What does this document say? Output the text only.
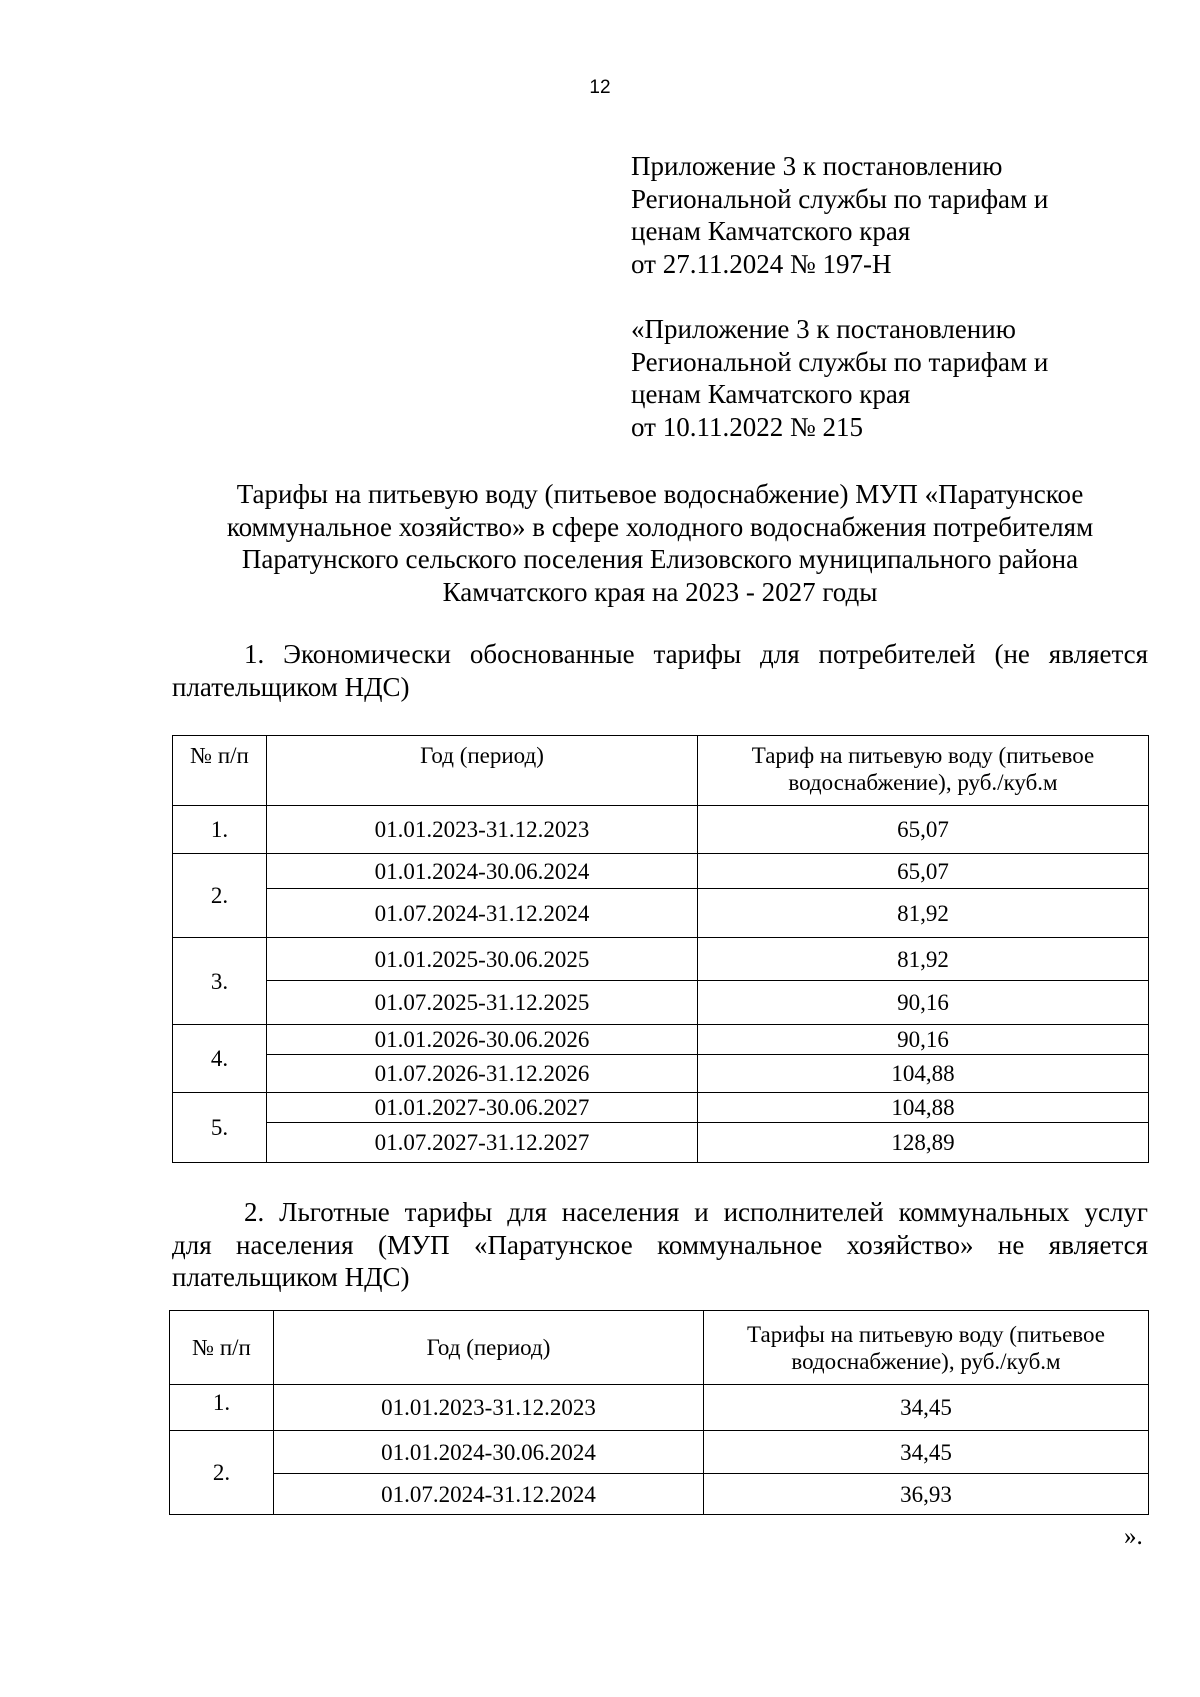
12
Приложение 3 к постановлению
Региональной службы по тарифам и
ценам Камчатского края
от 27.11.2024 № 197-Н
«Приложение 3 к постановлению
Региональной службы по тарифам и
ценам Камчатского края
от 10.11.2022 № 215
Тарифы на питьевую воду (питьевое водоснабжение) МУП «Паратунское
коммунальное хозяйство» в сфере холодного водоснабжения потребителям
Паратунского сельского поселения Елизовского муниципального района
Камчатского края на 2023 - 2027 годы
1. Экономически обоснованные тарифы для потребителей (не является
плательщиком НДС)
№ п/п	Год (период)	Тариф на питьевую воду (питьевое водоснабжение), руб./куб.м
1.	01.01.2023-31.12.2023	65,07
2.	01.01.2024-30.06.2024	65,07
	01.07.2024-31.12.2024	81,92
3.	01.01.2025-30.06.2025	81,92
	01.07.2025-31.12.2025	90,16
4.	01.01.2026-30.06.2026	90,16
	01.07.2026-31.12.2026	104,88
5.	01.01.2027-30.06.2027	104,88
	01.07.2027-31.12.2027	128,89
2. Льготные тарифы для населения и исполнителей коммунальных услуг
для населения (МУП «Паратунское коммунальное хозяйство» не является
плательщиком НДС)
№ п/п	Год (период)	Тарифы на питьевую воду (питьевое водоснабжение), руб./куб.м
1.	01.01.2023-31.12.2023	34,45
2.	01.01.2024-30.06.2024	34,45
	01.07.2024-31.12.2024	36,93
».
